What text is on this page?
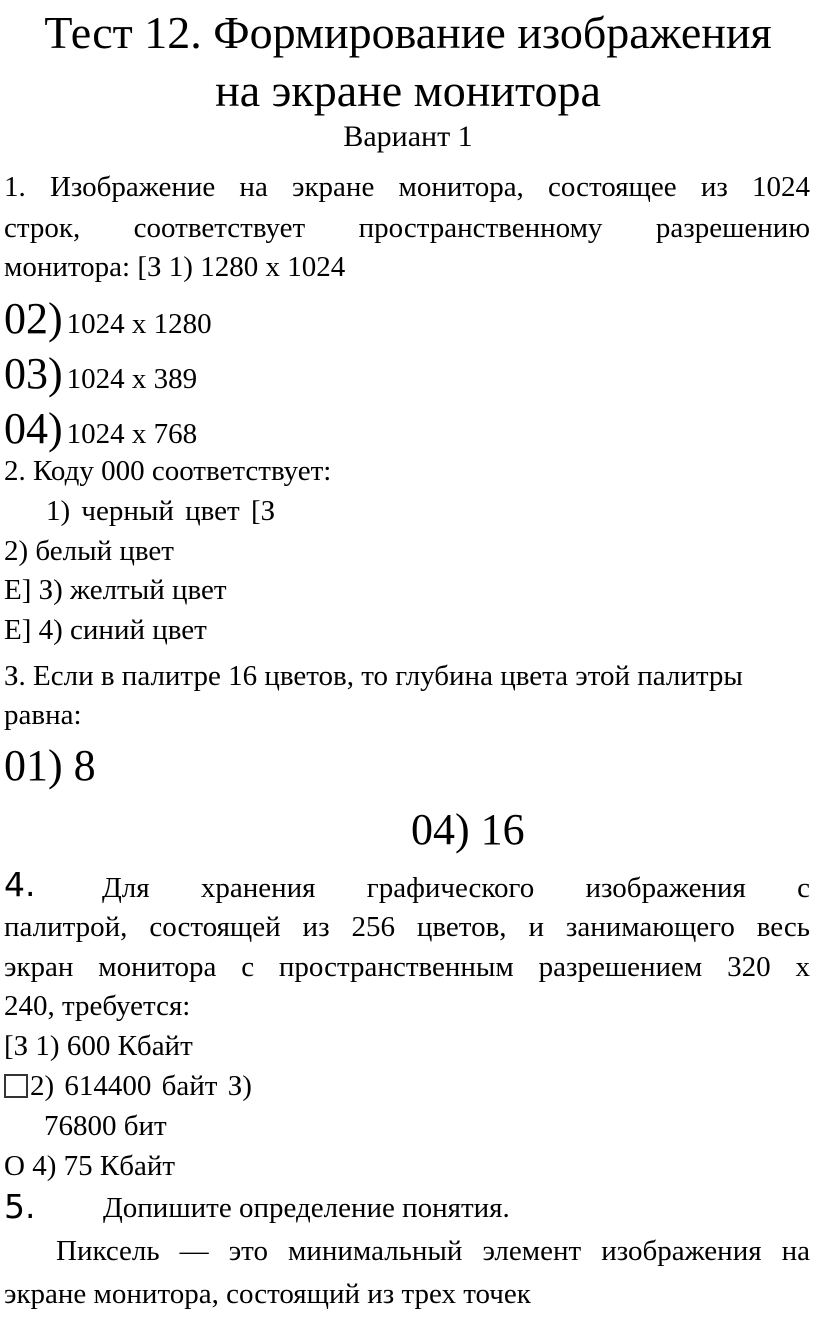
Тест 12. Формирование изображения
на экране монитора
Вариант 1
1. Изображение на экране монитора, состоящее из 1024
строк, соответствует пространственному разрешению
монитора: [З 1) 1280 х 1024
02) 1024 х 1280
03) 1024 х 389
04) 1024 х 768
2. Коду 000 соответствует:
1) черный цвет [З
2) белый цвет
Е] З) желтый цвет
Е] 4) синий цвет
З. Если в палитре 16 цветов, то глубина цвета этой палитры
равна:
01) 8
04) 16
4. Для хранения графического изображения с
палитрой, состоящей из 256 цветов, и занимающего весь
экран монитора с пространственным разрешением 320 х
240, требуется:
[З 1) 600 Кбайт
2) 614400 байт З)
76800 бит
О 4) 75 Кбайт
5. Допишите определение понятия.
Пиксель — это минимальный элемент изображения на
экране монитора, состоящий из трех точек
